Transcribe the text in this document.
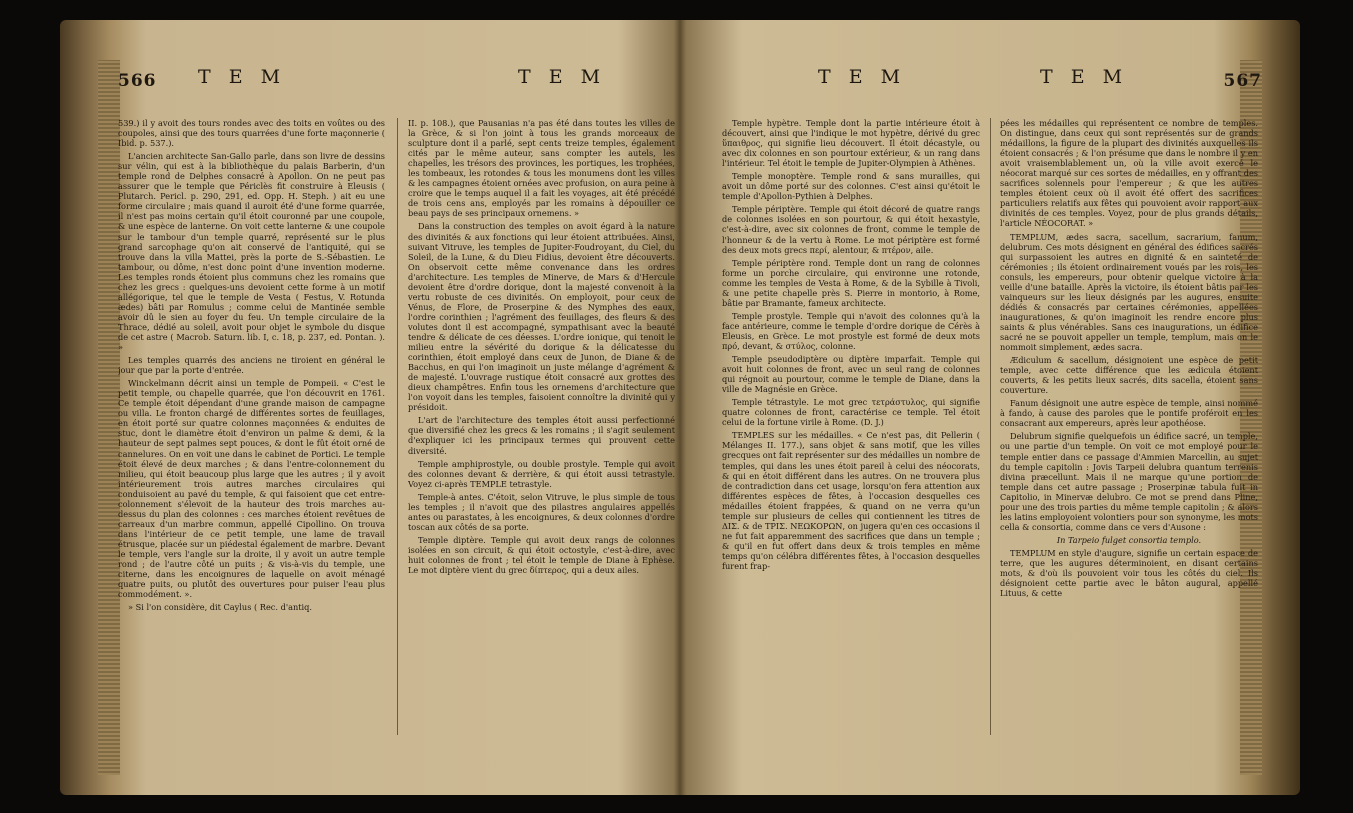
566 T E M	T E M

539.) il y avoit des tours rondes avec des toits en voûtes ou des coupoles, ainsi que des tours quarrées d'une forte maçonnerie ( Ibid. p. 537.).

L'ancien architecte San-Gallo parle, dans son livre de dessins sur vélin, qui est à la bibliothèque du palais Barberin, d'un temple rond de Delphes consacré à Apollon. On ne peut pas assurer que le temple que Périclès fit construire à Eleusis ( Plutarch. Pericl. p. 290, 291, ed. Opp. H. Steph. ) ait eu une forme circulaire ; mais quand il auroit été d'une forme quarrée, il n'est pas moins certain qu'il étoit couronné par une coupole, & une espèce de lanterne. On voit cette lanterne & une coupole sur le tambour d'un temple quarré, représenté sur le plus grand sarcophage qu'on ait conservé de l'antiquité, qui se trouve dans la villa Mattei, près la porte de S.-Sébastien. Le tambour, ou dôme, n'est donc point d'une invention moderne. Les temples ronds étoient plus communs chez les romains que chez les grecs : quelques-uns devoient cette forme à un motif allégorique, tel que le temple de Vesta ( Festus, V. Rotunda ædes) bâti par Romulus ; comme celui de Mantinée semble avoir dû le sien au foyer du feu. Un temple circulaire de la Thrace, dédié au soleil, avoit pour objet le symbole du disque de cet astre ( Macrob. Saturn. lib. I, c. 18, p. 237, ed. Pontan. ). »

Les temples quarrés des anciens ne tiroient en général le jour que par la porte d'entrée.

Winckelmann décrit ainsi un temple de Pompeii. « C'est le petit temple, ou chapelle quarrée, que l'on découvrit en 1761. Ce temple étoit dépendant d'une grande maison de campagne ou villa. Le fronton chargé de différentes sortes de feuillages, en étoit porté sur quatre colonnes maçonnées & enduites de stuc, dont le diamètre étoit d'environ un palme & demi, & la hauteur de sept palmes sept pouces, & dont le fût étoit orné de cannelures. On en voit une dans le cabinet de Portici. Le temple étoit élevé de deux marches ; & dans l'entre-colonnement du milieu, qui étoit beaucoup plus large que les autres ; il y avoit intérieurement trois autres marches circulaires qui conduisoient au pavé du temple, & qui faisoient que cet entre-colonnement s'élevoit de la hauteur des trois marches au-dessus du plan des colonnes : ces marches étoient revêtues de carreaux d'un marbre commun, appellé Cipollino. On trouva dans l'intérieur de ce petit temple, une lame de travail étrusque, placée sur un piédestal également de marbre. Devant le temple, vers l'angle sur la droite, il y avoit un autre temple rond ; de l'autre côté un puits ; & vis-à-vis du temple, une citerne, dans les encoignures de laquelle on avoit ménagé quatre puits, ou plutôt des ouvertures pour puiser l'eau plus commodément. ».

» Si l'on considère, dit Caylus ( Rec. d'antiq.

II. p. 108.), que Pausanias n'a pas été dans toutes les villes de la Grèce, & si l'on joint à tous les grands morceaux de sculpture dont il a parlé, sept cents treize temples, également cités par le même auteur, sans compter les autels, les chapelles, les trésors des provinces, les portiques, les trophées, les tombeaux, les rotondes & tous les monumens dont les villes & les campagnes étoient ornées avec profusion, on aura peine à croire que le temps auquel il a fait les voyages, ait été précédé de trois cens ans, employés par les romains à dépouiller ce beau pays de ses principaux ornemens. »

Dans la construction des temples on avoit égard à la nature des divinités & aux fonctions qui leur étoient attribuées. Ainsi, suivant Vitruve, les temples de Jupiter-Foudroyant, du Ciel, du Soleil, de la Lune, & du Dieu Fidius, devoient être découverts. On observoit cette même convenance dans les ordres d'architecture. Les temples de Minerve, de Mars & d'Hercule devoient être d'ordre dorique, dont la majesté convenoit à la vertu robuste de ces divinités. On employoit, pour ceux de Vénus, de Flore, de Proserpine & des Nymphes des eaux, l'ordre corinthien ; l'agrément des feuillages, des fleurs & des volutes dont il est accompagné, sympathisant avec la beauté tendre & délicate de ces déesses. L'ordre ionique, qui tenoit le milieu entre la sévérité du dorique & la délicatesse du corinthien, étoit employé dans ceux de Junon, de Diane & de Bacchus, en qui l'on imaginoit un juste mélange d'agrément & de majesté. L'ouvrage rustique étoit consacré aux grottes des dieux champêtres. Enfin tous les ornemens d'architecture que l'on voyoit dans les temples, faisoient connoître la divinité qui y présidoit.

L'art de l'architecture des temples étoit aussi perfectionné que diversifié chez les grecs & les romains ; il s'agit seulement d'expliquer ici les principaux termes qui prouvent cette diversité.

Temple amphiprostyle, ou double prostyle. Temple qui avoit des colonnes devant & derrière, & qui étoit aussi tetrastyle. Voyez ci-après TEMPLE tetrastyle.

Temple-à antes. C'étoit, selon Vitruve, le plus simple de tous les temples ; il n'avoit que des pilastres angulaires appellés antes ou parastates, à les encoignures, & deux colonnes d'ordre toscan aux côtés de sa porte.

Temple diptère. Temple qui avoit deux rangs de colonnes isolées en son circuit, & qui étoit octostyle, c'est-à-dire, avec huit colonnes de front ; tel étoit le temple de Diane à Ephèse. Le mot diptère vient du grec δίπτερος, qui a deux ailes.

T E M	T E M	567

Temple hypètre. Temple dont la partie intérieure étoit à découvert, ainsi que l'indique le mot hypètre, dérivé du grec ὕπαιθρος, qui signifie lieu découvert. Il étoit décastyle, ou avec dix colonnes en son pourtour extérieur, & un rang dans l'intérieur. Tel étoit le temple de Jupiter-Olympien à Athènes.

Temple monoptère. Temple rond & sans murailles, qui avoit un dôme porté sur des colonnes. C'est ainsi qu'étoit le temple d'Apollon-Pythien à Delphes.

Temple périptère. Temple qui étoit décoré de quatre rangs de colonnes isolées en son pourtour, & qui étoit hexastyle, c'est-à-dire, avec six colonnes de front, comme le temple de l'honneur & de la vertu à Rome. Le mot périptère est formé des deux mots grecs περί, alentour, & πτέρον, aile.

Temple périptère rond. Temple dont un rang de colonnes forme un porche circulaire, qui environne une rotonde, comme les temples de Vesta à Rome, & de la Sybille à Tivoli, & une petite chapelle près S. Pierre in montorio, à Rome, bâtie par Bramante, fameux architecte.

Temple prostyle. Temple qui n'avoit des colonnes qu'à la face antérieure, comme le temple d'ordre dorique de Cérès à Eleusis, en Grèce. Le mot prostyle est formé de deux mots πρό, devant, & στύλος, colonne.

Temple pseudodiptère ou diptère imparfait. Temple qui avoit huit colonnes de front, avec un seul rang de colonnes qui régnoit au pourtour, comme le temple de Diane, dans la ville de Magnésie en Grèce.

Temple tétrastyle. Le mot grec τετράστυλος, qui signifie quatre colonnes de front, caractérise ce temple. Tel étoit celui de la fortune virile à Rome. (D. J.)

TEMPLES sur les médailles. « Ce n'est pas, dit Pellerin ( Mélanges II. 177.), sans objet & sans motif, que les villes grecques ont fait représenter sur des médailles un nombre de temples, qui dans les unes étoit pareil à celui des néocorats, & qui en étoit différent dans les autres. On ne trouvera plus de contradiction dans cet usage, lorsqu'on fera attention aux différentes espèces de fêtes, à l'occasion desquelles ces médailles étoient frappées, & quand on ne verra qu'un temple sur plusieurs de celles qui contiennent les titres de ΔΙΣ. & de ΤΡΙΣ. ΝΕΩΚΟΡΩΝ, on jugera qu'en ces occasions il ne fut fait apparemment des sacrifices que dans un temple ; & qu'il en fut offert dans deux & trois temples en même temps qu'on célébra différentes fêtes, à l'occasion desquelles furent frap-

pées les médailles qui représentent ce nombre de temples. On distingue, dans ceux qui sont représentés sur de grands médaillons, la figure de la plupart des divinités auxquelles ils étoient consacrés ; & l'on présume que dans le nombre il y en avoit vraisemblablement un, où la ville avoit exercé le néocorat marqué sur ces sortes de médailles, en y offrant des sacrifices solennels pour l'empereur ; & que les autres temples étoient ceux où il avoit été offert des sacrifices particuliers relatifs aux fêtes qui pouvoient avoir rapport aux divinités de ces temples. Voyez, pour de plus grands détails, l'article NÉOCORAT. »

TEMPLUM, ædes sacra, sacellum, sacrarium, fanum, delubrum. Ces mots désignent en général des édifices sacrés qui surpassoient les autres en dignité & en sainteté de cérémonies ; ils étoient ordinairement voués par les rois, les consuls, les empereurs, pour obtenir quelque victoire à la veille d'une bataille. Après la victoire, ils étoient bâtis par les vainqueurs sur les lieux désignés par les augures, ensuite dédiés & consacrés par certaines cérémonies, appellées inaugurationes, & qu'on imaginoit les rendre encore plus saints & plus vénérables. Sans ces inaugurations, un édifice sacré ne se pouvoit appeller un temple, templum, mais on le nommoit simplement, ædes sacra.

Ædiculum & sacellum, désignoient une espèce de petit temple, avec cette différence que les ædicula étoient couverts, & les petits lieux sacrés, dits sacella, étoient sans couverture.

Fanum désignoit une autre espèce de temple, ainsi nommé à fando, à cause des paroles que le pontife proféroit en les consacrant aux empereurs, après leur apothéose.

Delubrum signifie quelquefois un édifice sacré, un temple, ou une partie d'un temple. On voit ce mot employé pour le temple entier dans ce passage d'Ammien Marcellin, au sujet du temple capitolin : Jovis Tarpeii delubra quantum terrenis divina præcellunt. Mais il ne marque qu'une portion de temple dans cet autre passage ; Proserpinæ tabula fuit in Capitolio, in Minervæ delubro. Ce mot se prend dans Pline, pour une des trois parties du même temple capitolin ; & alors les latins employoient volontiers pour son synonyme, les mots cella & consortia, comme dans ce vers d'Ausone :

In Tarpeio fulget consortia templo.

TEMPLUM en style d'augure, signifie un certain espace de terre, que les augures déterminoient, en disant certains mots, & d'où ils pouvoient voir tous les côtés du ciel. Ils désignoient cette partie avec le bâton augural, appellé Lituus, & cette
